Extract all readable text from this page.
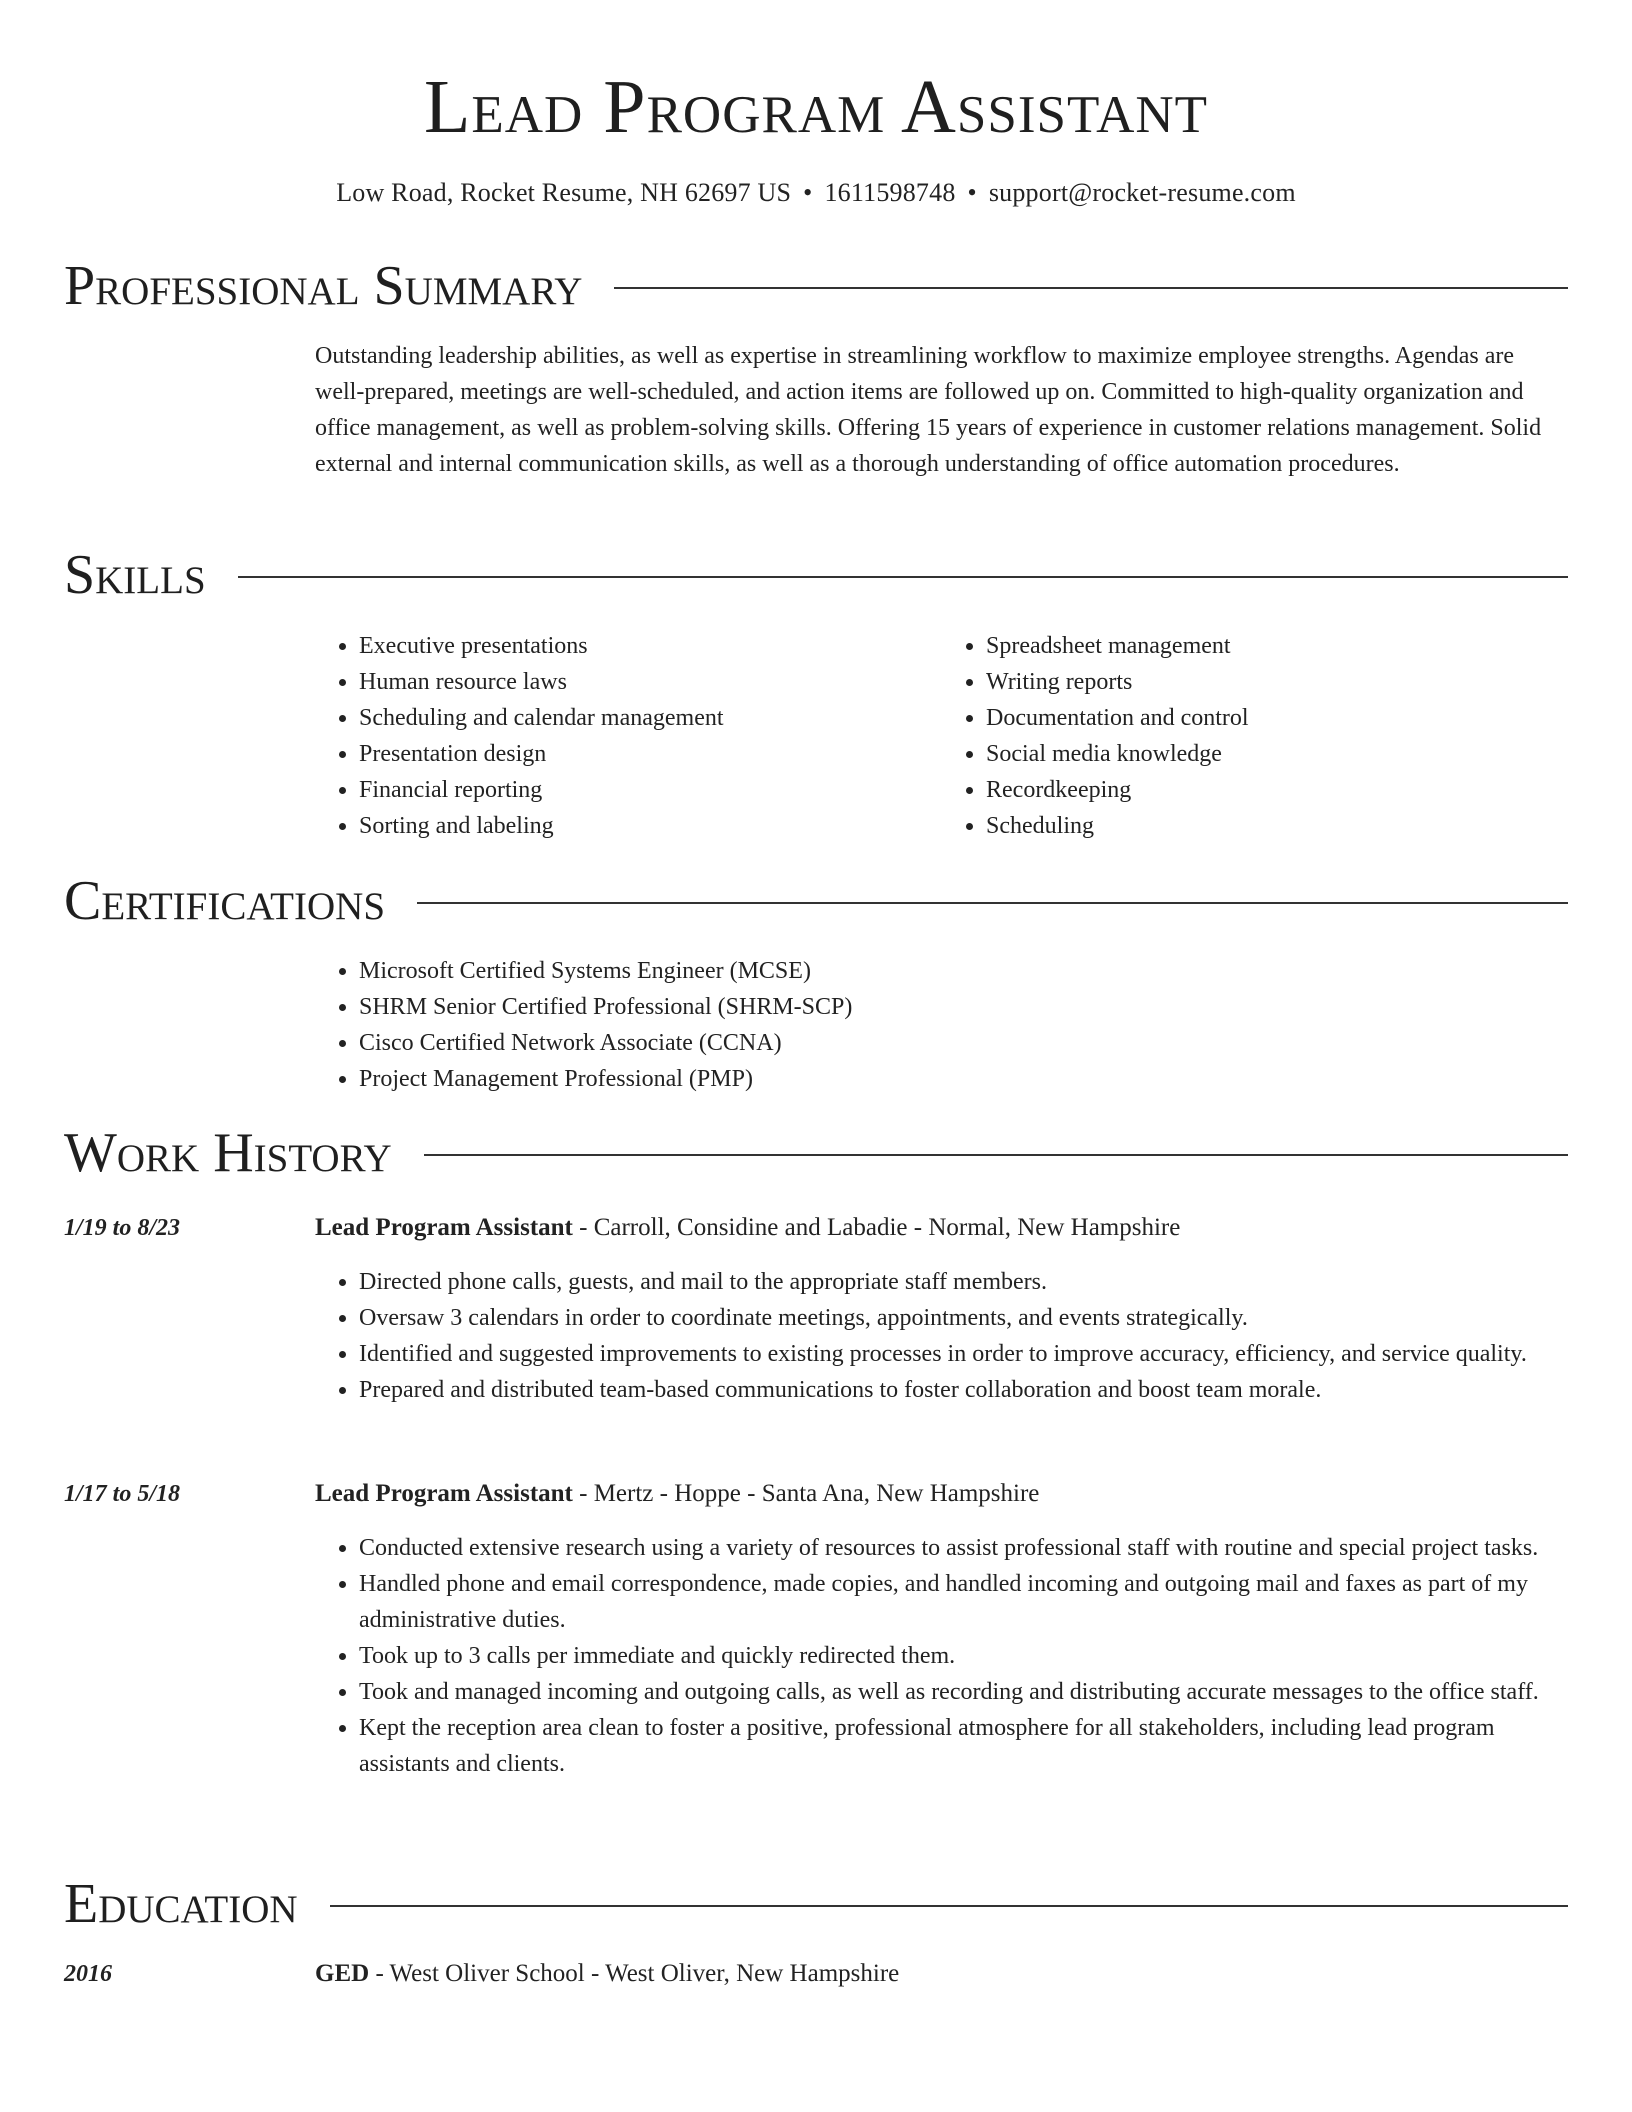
Lead Program Assistant
Low Road, Rocket Resume, NH 62697 US • 1611598748 • support@rocket-resume.com
Professional Summary
Outstanding leadership abilities, as well as expertise in streamlining workflow to maximize employee strengths. Agendas are well-prepared, meetings are well-scheduled, and action items are followed up on. Committed to high-quality organization and office management, as well as problem-solving skills. Offering 15 years of experience in customer relations management. Solid external and internal communication skills, as well as a thorough understanding of office automation procedures.
Skills
• Executive presentations
• Human resource laws
• Scheduling and calendar management
• Presentation design
• Financial reporting
• Sorting and labeling
• Spreadsheet management
• Writing reports
• Documentation and control
• Social media knowledge
• Recordkeeping
• Scheduling
Certifications
• Microsoft Certified Systems Engineer (MCSE)
• SHRM Senior Certified Professional (SHRM-SCP)
• Cisco Certified Network Associate (CCNA)
• Project Management Professional (PMP)
Work History
1/19 to 8/23	Lead Program Assistant - Carroll, Considine and Labadie - Normal, New Hampshire
• Directed phone calls, guests, and mail to the appropriate staff members.
• Oversaw 3 calendars in order to coordinate meetings, appointments, and events strategically.
• Identified and suggested improvements to existing processes in order to improve accuracy, efficiency, and service quality.
• Prepared and distributed team-based communications to foster collaboration and boost team morale.
1/17 to 5/18	Lead Program Assistant - Mertz - Hoppe - Santa Ana, New Hampshire
• Conducted extensive research using a variety of resources to assist professional staff with routine and special project tasks.
• Handled phone and email correspondence, made copies, and handled incoming and outgoing mail and faxes as part of my administrative duties.
• Took up to 3 calls per immediate and quickly redirected them.
• Took and managed incoming and outgoing calls, as well as recording and distributing accurate messages to the office staff.
• Kept the reception area clean to foster a positive, professional atmosphere for all stakeholders, including lead program assistants and clients.
Education
2016	GED - West Oliver School - West Oliver, New Hampshire
